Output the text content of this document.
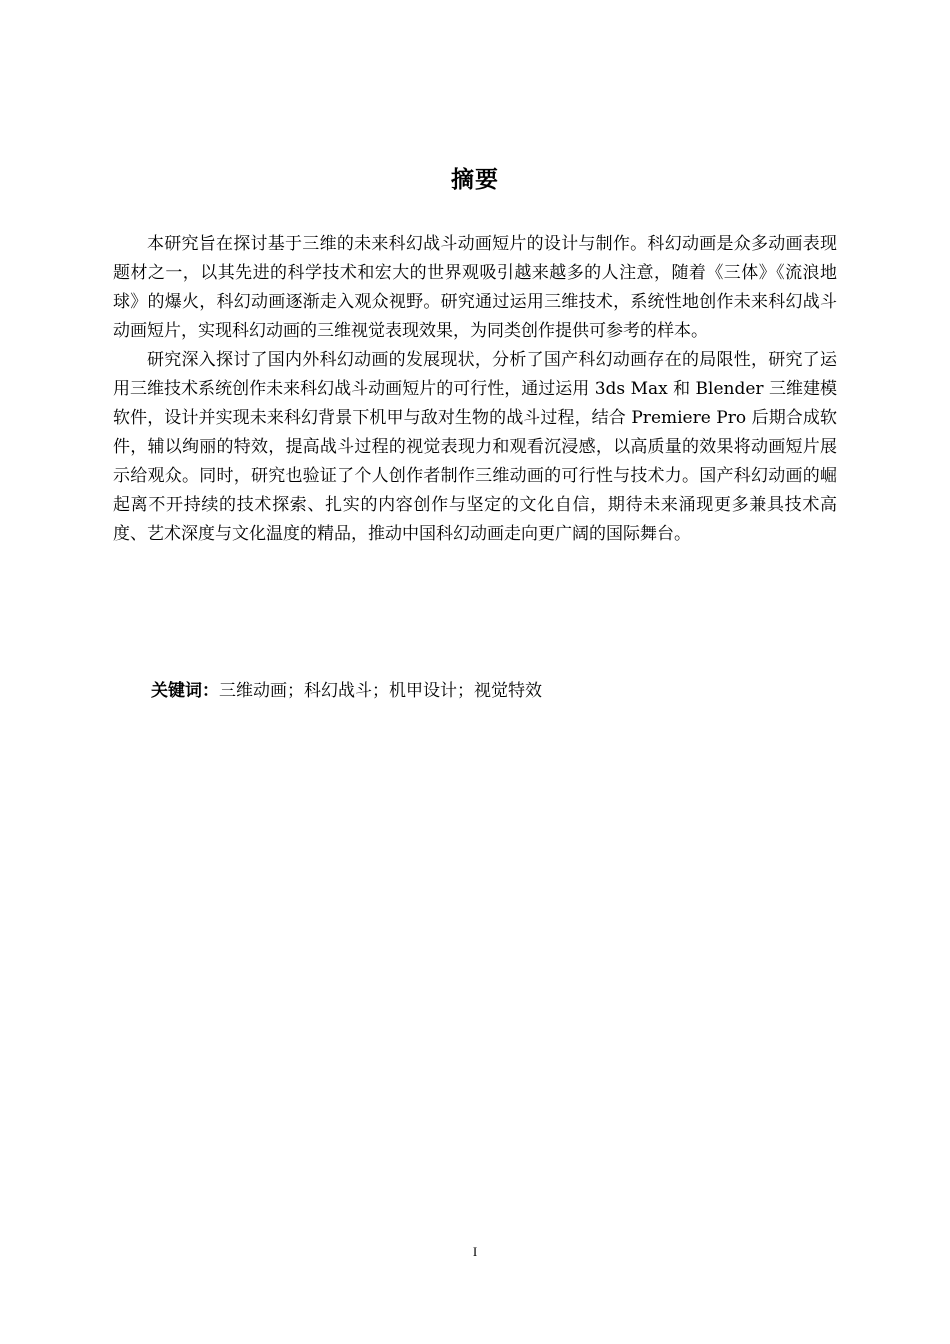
摘要

本研究旨在探讨基于三维的未来科幻战斗动画短片的设计与制作。科幻动画是众多动画表现题材之一，以其先进的科学技术和宏大的世界观吸引越来越多的人注意，随着《三体》《流浪地球》的爆火，科幻动画逐渐走入观众视野。研究通过运用三维技术，系统性地创作未来科幻战斗动画短片，实现科幻动画的三维视觉表现效果，为同类创作提供可参考的样本。

研究深入探讨了国内外科幻动画的发展现状，分析了国产科幻动画存在的局限性，研究了运用三维技术系统创作未来科幻战斗动画短片的可行性，通过运用 3ds Max 和 Blender 三维建模软件，设计并实现未来科幻背景下机甲与敌对生物的战斗过程，结合 Premiere Pro 后期合成软件，辅以绚丽的特效，提高战斗过程的视觉表现力和观看沉浸感，以高质量的效果将动画短片展示给观众。同时，研究也验证了个人创作者制作三维动画的可行性与技术力。国产科幻动画的崛起离不开持续的技术探索、扎实的内容创作与坚定的文化自信，期待未来涌现更多兼具技术高度、艺术深度与文化温度的精品，推动中国科幻动画走向更广阔的国际舞台。

关键词：三维动画；科幻战斗；机甲设计；视觉特效
I
